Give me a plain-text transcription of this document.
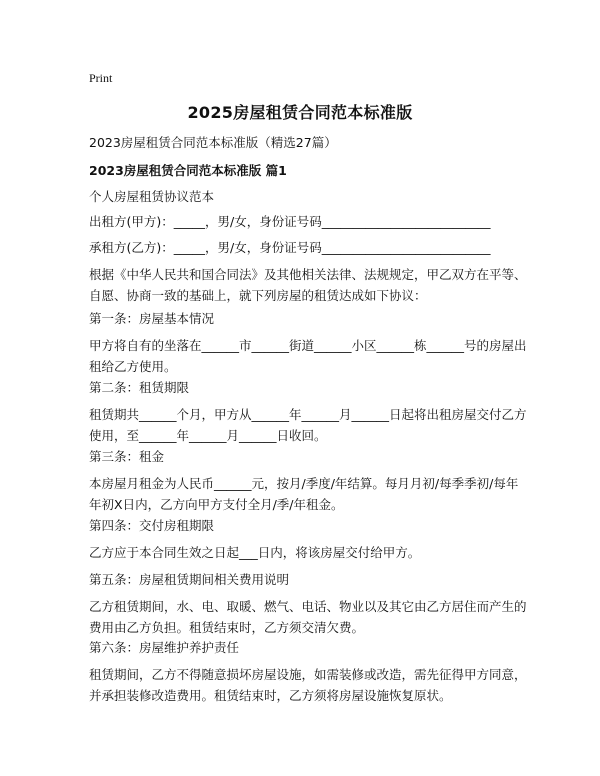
Print
2025房屋租赁合同范本标准版
2023房屋租赁合同范本标准版（精选27篇）
2023房屋租赁合同范本标准版 篇1
个人房屋租赁协议范本
出租方(甲方)：_____，男/女，身份证号码___________________________
承租方(乙方)：_____，男/女，身份证号码___________________________
根据《中华人民共和国合同法》及其他相关法律、法规规定，甲乙双方在平等、自愿、协商一致的基础上，就下列房屋的租赁达成如下协议：
第一条：房屋基本情况
甲方将自有的坐落在______市______街道______小区______栋______号的房屋出租给乙方使用。
第二条：租赁期限
租赁期共______个月，甲方从______年______月______日起将出租房屋交付乙方使用，至______年______月______日收回。
第三条：租金
本房屋月租金为人民币______元，按月/季度/年结算。每月月初/每季季初/每年年初X日内，乙方向甲方支付全月/季/年租金。
第四条：交付房租期限
乙方应于本合同生效之日起___日内，将该房屋交付给甲方。
第五条：房屋租赁期间相关费用说明
乙方租赁期间，水、电、取暖、燃气、电话、物业以及其它由乙方居住而产生的费用由乙方负担。租赁结束时，乙方须交清欠费。
第六条：房屋维护养护责任
租赁期间，乙方不得随意损坏房屋设施，如需装修或改造，需先征得甲方同意，并承担装修改造费用。租赁结束时，乙方须将房屋设施恢复原状。
